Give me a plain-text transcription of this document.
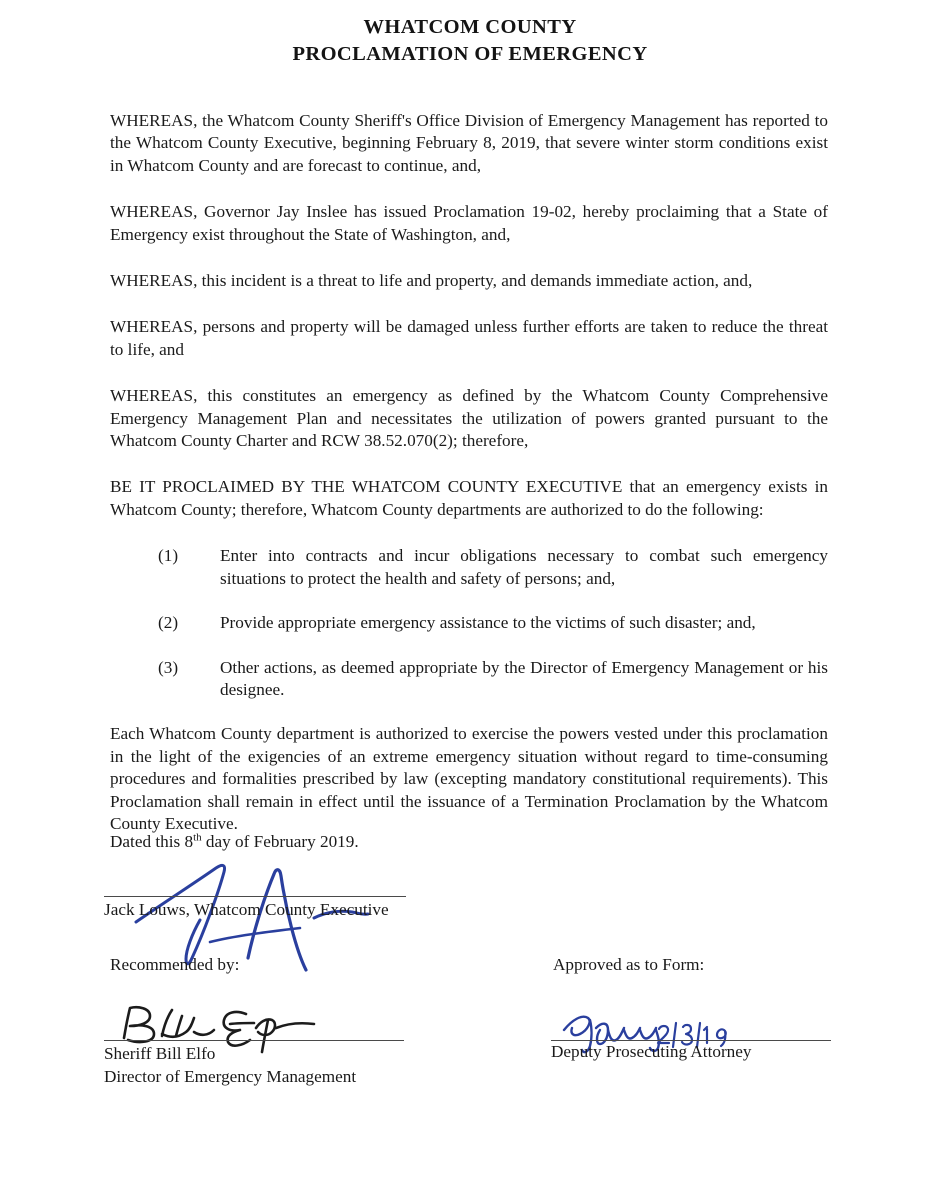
WHATCOM COUNTY
PROCLAMATION OF EMERGENCY

WHEREAS, the Whatcom County Sheriff's Office Division of Emergency Management has reported to the Whatcom County Executive, beginning February 8, 2019, that severe winter storm conditions exist in Whatcom County and are forecast to continue, and,

WHEREAS, Governor Jay Inslee has issued Proclamation 19-02, hereby proclaiming that a State of Emergency exist throughout the State of Washington, and,

WHEREAS, this incident is a threat to life and property, and demands immediate action, and,

WHEREAS, persons and property will be damaged unless further efforts are taken to reduce the threat to life, and

WHEREAS, this constitutes an emergency as defined by the Whatcom County Comprehensive Emergency Management Plan and necessitates the utilization of powers granted pursuant to the Whatcom County Charter and RCW 38.52.070(2); therefore,

BE IT PROCLAIMED BY THE WHATCOM COUNTY EXECUTIVE that an emergency exists in Whatcom County; therefore, Whatcom County departments are authorized to do the following:

(1)	Enter into contracts and incur obligations necessary to combat such emergency situations to protect the health and safety of persons; and,
(2)	Provide appropriate emergency assistance to the victims of such disaster; and,
(3)	Other actions, as deemed appropriate by the Director of Emergency Management or his designee.

Each Whatcom County department is authorized to exercise the powers vested under this proclamation in the light of the exigencies of an extreme emergency situation without regard to time-consuming procedures and formalities prescribed by law (excepting mandatory constitutional requirements). This Proclamation shall remain in effect until the issuance of a Termination Proclamation by the Whatcom County Executive.

Dated this 8th day of February 2019.
Jack Louws, Whatcom County Executive
Recommended by:	Approved as to Form:
Sheriff Bill Elfo
Director of Emergency Management
Deputy Prosecuting Attorney
